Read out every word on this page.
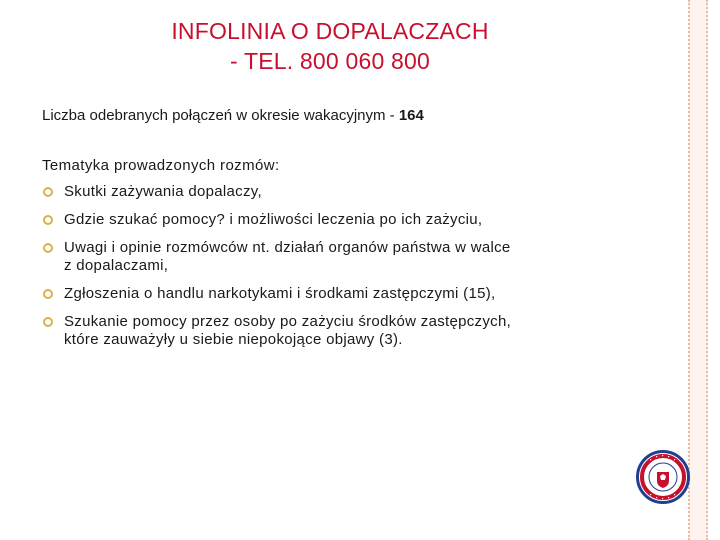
INFOLINIA O DOPALACZACH
- TEL. 800 060 800
Liczba odebranych połączeń w okresie wakacyjnym - 164
Tematyka prowadzonych rozmów:
Skutki zażywania dopalaczy,
Gdzie szukać pomocy? i możliwości leczenia po ich zażyciu,
Uwagi i opinie rozmówców nt. działań organów państwa w walce
z dopalaczami,
Zgłoszenia o handlu narkotykami i środkami zastępczymi (15),
Szukanie pomocy przez osoby po zażyciu środków zastępczych,
które zauważyły u siebie niepokojące objawy (3).
